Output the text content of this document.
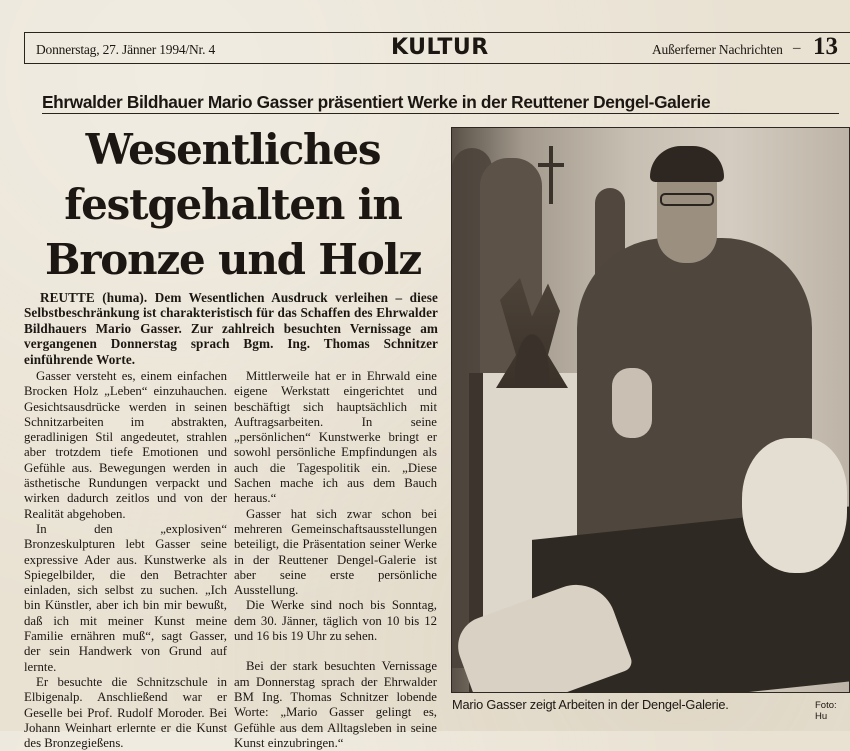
Donnerstag, 27. Jänner 1994/Nr. 4	KULTUR	Außerferner Nachrichten – 13
Ehrwalder Bildhauer Mario Gasser präsentiert Werke in der Reuttener Dengel-Galerie
Wesentliches
festgehalten in
Bronze und Holz
REUTTE (huma). Dem Wesentlichen Ausdruck verleihen – diese Selbstbeschränkung ist charakteristisch für das Schaffen des Ehrwalder Bildhauers Mario Gasser. Zur zahlreich besuchten Vernissage am vergangenen Donnerstag sprach Bgm. Ing. Thomas Schnitzer einführende Worte.

Gasser versteht es, einem einfachen Brocken Holz „Leben“ einzuhauchen. Gesichtsausdrücke werden in seinen Schnitzarbeiten im abstrakten, geradlinigen Stil angedeutet, strahlen aber trotzdem tiefe Emotionen und Gefühle aus. Bewegungen werden in ästhetische Rundungen verpackt und wirken dadurch zeitlos und von der Realität abgehoben.

In den „explosiven“ Bronzeskulpturen lebt Gasser seine expressive Ader aus. Kunstwerke als Spiegelbilder, die den Betrachter einladen, sich selbst zu suchen. „Ich bin Künstler, aber ich bin mir bewußt, daß ich mit meiner Kunst meine Familie ernähren muß“, sagt Gasser, der sein Handwerk von Grund auf lernte.

Er besuchte die Schnitzschule in Elbigenalp. Anschließend war er Geselle bei Prof. Rudolf Moroder. Bei Johann Weinhart erlernte er die Kunst des Bronzegießens.

Mittlerweile hat er in Ehrwald eine eigene Werkstatt eingerichtet und beschäftigt sich hauptsächlich mit Auftragsarbeiten. In seine „persönlichen“ Kunstwerke bringt er sowohl persönliche Empfindungen als auch die Tagespolitik ein. „Diese Sachen mache ich aus dem Bauch heraus.“

Gasser hat sich zwar schon bei mehreren Gemeinschaftsausstellungen beteiligt, die Präsentation seiner Werke in der Reuttener Dengel-Galerie ist aber seine erste persönliche Ausstellung.

Die Werke sind noch bis Sonntag, dem 30. Jänner, täglich von 10 bis 12 und 16 bis 19 Uhr zu sehen.

Bei der stark besuchten Vernissage am Donnerstag sprach der Ehrwalder BM Ing. Thomas Schnitzer lobende Worte: „Mario Gasser gelingt es, Gefühle aus dem Alltagsleben in seine Kunst einzubringen.“

Mario Gasser zeigt Arbeiten in der Dengel-Galerie.	Foto: Hu
